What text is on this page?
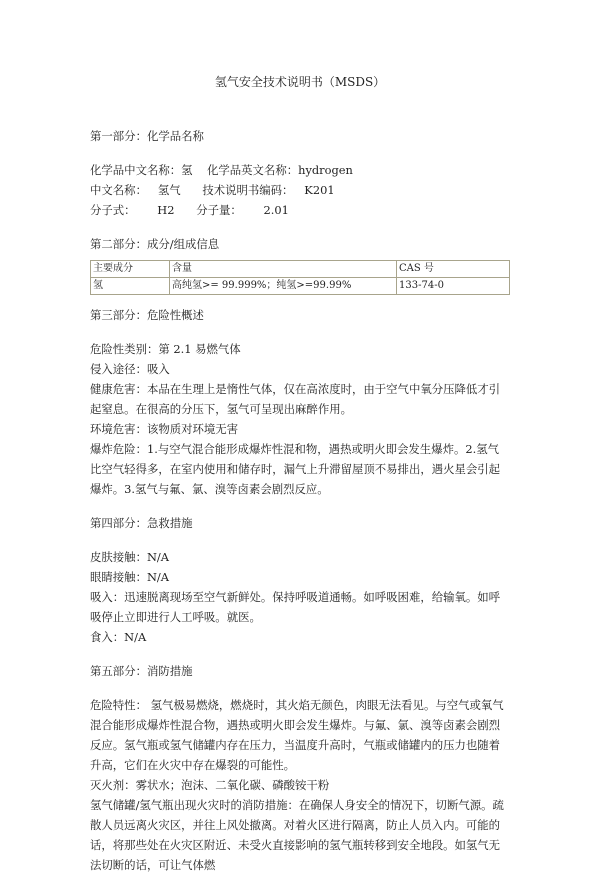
氢气安全技术说明书（MSDS）

第一部分：化学品名称

化学品中文名称：氢    化学品英文名称：hydrogen

中文名称：   氢气      技术说明书编码：   K201

分子式：      H2      分子量：      2.01

第二部分：成分/组成信息

主要成分	含量	CAS 号
氢	高纯氢>= 99.999%；纯氢>=99.99%	133-74-0

第三部分：危险性概述

危险性类别：第 2.1 易燃气体

侵入途径：吸入

健康危害：本品在生理上是惰性气体，仅在高浓度时，由于空气中氧分压降低才引起窒息。在很高的分压下，氢气可呈现出麻醉作用。

环境危害：该物质对环境无害

爆炸危险：1.与空气混合能形成爆炸性混和物，遇热或明火即会发生爆炸。2.氢气比空气轻得多，在室内使用和储存时，漏气上升滞留屋顶不易排出，遇火星会引起爆炸。3.氢气与氟、氯、溴等卤素会剧烈反应。

第四部分：急救措施

皮肤接触：N/A

眼睛接触：N/A

吸入：迅速脱离现场至空气新鲜处。保持呼吸道通畅。如呼吸困难，给输氧。如呼吸停止立即进行人工呼吸。就医。

食入：N/A

第五部分：消防措施

危险特性： 氢气极易燃烧，燃烧时，其火焰无颜色，肉眼无法看见。与空气或氧气混合能形成爆炸性混合物，遇热或明火即会发生爆炸。与氟、氯、溴等卤素会剧烈反应。氢气瓶或氢气储罐内存在压力，当温度升高时，气瓶或储罐内的压力也随着升高，它们在火灾中存在爆裂的可能性。

灭火剂：雾状水；泡沫、二氧化碳、磷酸铵干粉

氢气储罐/氢气瓶出现火灾时的消防措施：在确保人身安全的情况下，切断气源。疏散人员远离火灾区，并往上风处撤离。对着火区进行隔离，防止人员入内。可能的话，将那些处在火灾区附近、未受火直接影响的氢气瓶转移到安全地段。如氢气无法切断的话，可让气体燃
